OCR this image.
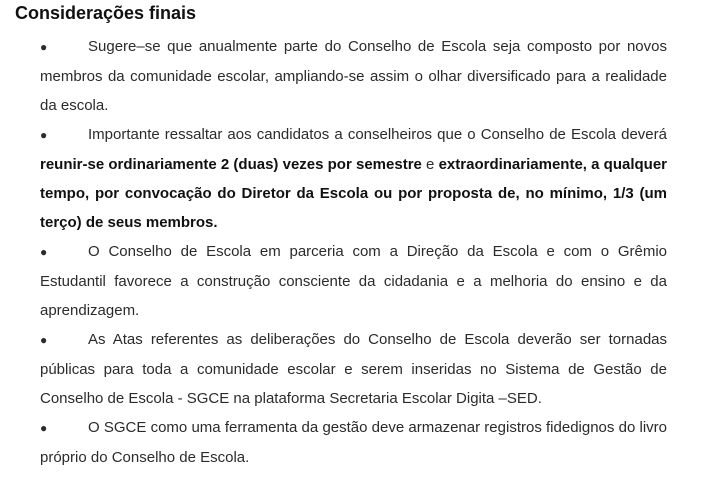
Considerações finais

●	Sugere–se que anualmente parte do Conselho de Escola seja composto por novos membros da comunidade escolar, ampliando-se assim o olhar diversificado para a realidade da escola.

●	Importante ressaltar aos candidatos a conselheiros que o Conselho de Escola deverá reunir-se ordinariamente 2 (duas) vezes por semestre e extraordinariamente, a qualquer tempo, por convocação do Diretor da Escola ou por proposta de, no mínimo, 1/3 (um terço) de seus membros.

●	O Conselho de Escola em parceria com a Direção da Escola e com o Grêmio Estudantil favorece a construção consciente da cidadania e a melhoria do ensino e da aprendizagem.

●	As Atas referentes as deliberações do Conselho de Escola deverão ser tornadas públicas para toda a comunidade escolar e serem inseridas no Sistema de Gestão de Conselho de Escola - SGCE na plataforma Secretaria Escolar Digita –SED.

●	O SGCE como uma ferramenta da gestão deve armazenar registros fidedignos do livro próprio do Conselho de Escola.
